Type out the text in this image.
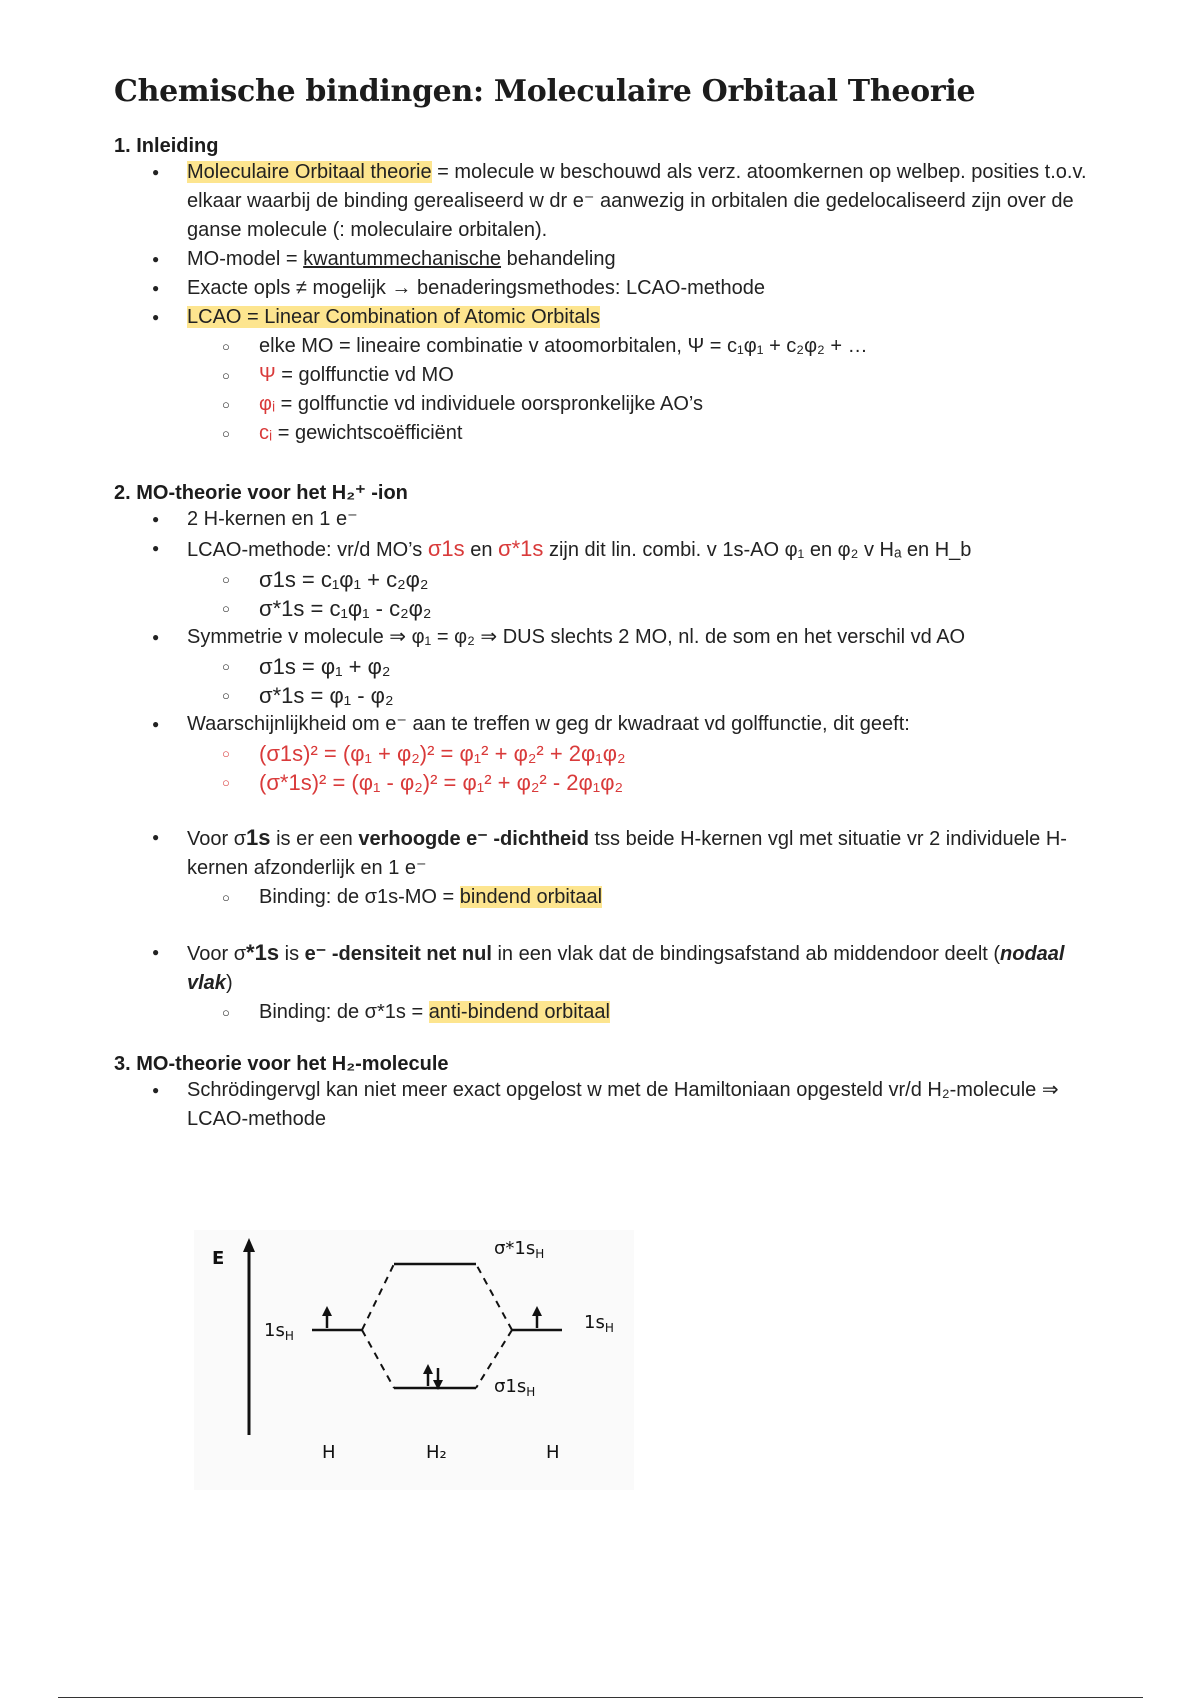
Chemische bindingen: Moleculaire Orbitaal Theorie
1. Inleiding
● Moleculaire Orbitaal theorie = molecule w beschouwd als verz. atoomkernen op welbep. posities t.o.v. elkaar waarbij de binding gerealiseerd w dr e⁻ aanwezig in orbitalen die gedelocaliseerd zijn over de ganse molecule (: moleculaire orbitalen).
● MO-model = kwantummechanische behandeling
● Exacte opls ≠ mogelijk → benaderingsmethodes: LCAO-methode
● LCAO = Linear Combination of Atomic Orbitals
○ elke MO = lineaire combinatie v atoomorbitalen, Ψ = c₁φ₁ + c₂φ₂ + …
○ Ψ = golffunctie vd MO
○ φᵢ = golffunctie vd individuele oorspronkelijke AO’s
○ cᵢ = gewichtscoëfficiënt
2. MO-theorie voor het H₂⁺ -ion
● 2 H-kernen en 1 e⁻
● LCAO-methode: vr/d MO’s σ1s en σ*1s zijn dit lin. combi. v 1s-AO φ₁ en φ₂ v Hₐ en H_b
○ σ1s = c₁φ₁ + c₂φ₂
○ σ*1s = c₁φ₁ - c₂φ₂
● Symmetrie v molecule ⇒ φ₁ = φ₂ ⇒ DUS slechts 2 MO, nl. de som en het verschil vd AO
○ σ1s = φ₁ + φ₂
○ σ*1s = φ₁ - φ₂
● Waarschijnlijkheid om e⁻ aan te treffen w geg dr kwadraat vd golffunctie, dit geeft:
○ (σ1s)² = (φ₁ + φ₂)² = φ₁² + φ₂² + 2φ₁φ₂
○ (σ*1s)² = (φ₁ - φ₂)² = φ₁² + φ₂² - 2φ₁φ₂
● Voor σ1s is er een verhoogde e⁻ -dichtheid tss beide H-kernen vgl met situatie vr 2 individuele H-kernen afzonderlijk en 1 e⁻
○ Binding: de σ1s-MO = bindend orbitaal
● Voor σ*1s is e⁻ -densiteit net nul in een vlak dat de bindingsafstand ab middendoor deelt (nodaal vlak)
○ Binding: de σ*1s = anti-bindend orbitaal
3. MO-theorie voor het H₂-molecule
● Schrödingervgl kan niet meer exact opgelost w met de Hamiltoniaan opgesteld vr/d H₂-molecule ⇒ LCAO-methode
E
$1s_H$
$1s_H$
$\sigma*1s_H$
$\sigma 1s_H$
H	H₂	H
